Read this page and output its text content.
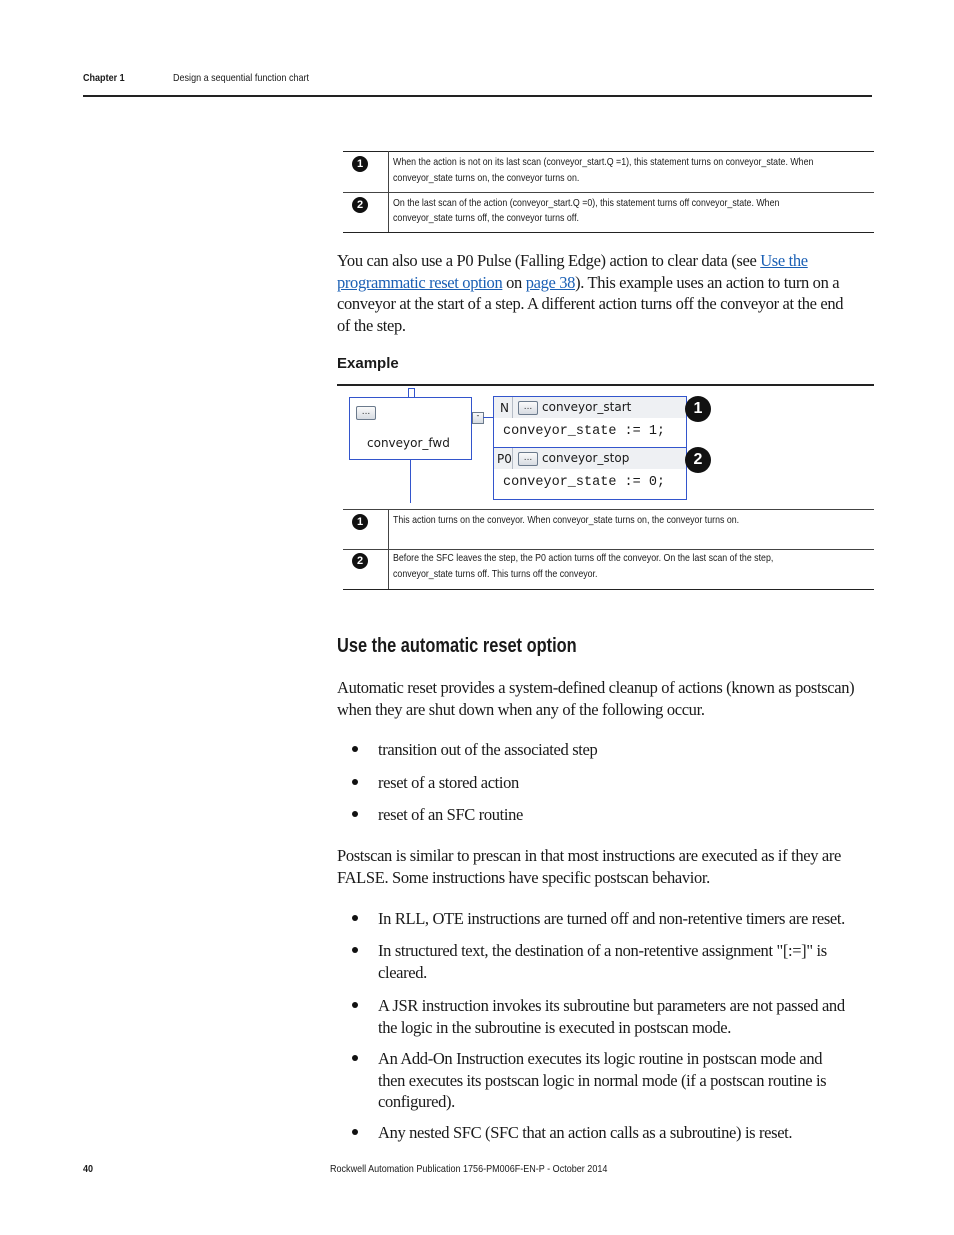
Chapter 1	Design a sequential function chart
1	When the action is not on its last scan (conveyor_start.Q =1), this statement turns on conveyor_state. When
conveyor_state turns on, the conveyor turns on.
2	On the last scan of the action (conveyor_start.Q =0), this statement turns off conveyor_state. When
conveyor_state turns off, the conveyor turns off.
You can also use a P0 Pulse (Falling Edge) action to clear data (see Use the
programmatic reset option on page 38). This example uses an action to turn on a
conveyor at the start of a step. A different action turns off the conveyor at the end
of the step.
Example
...
conveyor_fwd
-
N	... conveyor_start
conveyor_state := 1;
P0	... conveyor_stop
conveyor_state := 0;
1
2
1	This action turns on the conveyor. When conveyor_state turns on, the conveyor turns on.
2	Before the SFC leaves the step, the P0 action turns off the conveyor. On the last scan of the step,
conveyor_state turns off. This turns off the conveyor.
Use the automatic reset option
Automatic reset provides a system-defined cleanup of actions (known as postscan)
when they are shut down when any of the following occur.
transition out of the associated step
reset of a stored action
reset of an SFC routine
Postscan is similar to prescan in that most instructions are executed as if they are
FALSE. Some instructions have specific postscan behavior.
In RLL, OTE instructions are turned off and non-retentive timers are reset.
In structured text, the destination of a non-retentive assignment "[:=]" is
cleared.
A JSR instruction invokes its subroutine but parameters are not passed and
the logic in the subroutine is executed in postscan mode.
An Add-On Instruction executes its logic routine in postscan mode and
then executes its postscan logic in normal mode (if a postscan routine is
configured).
Any nested SFC (SFC that an action calls as a subroutine) is reset.
40	Rockwell Automation Publication 1756-PM006F-EN-P - October 2014
